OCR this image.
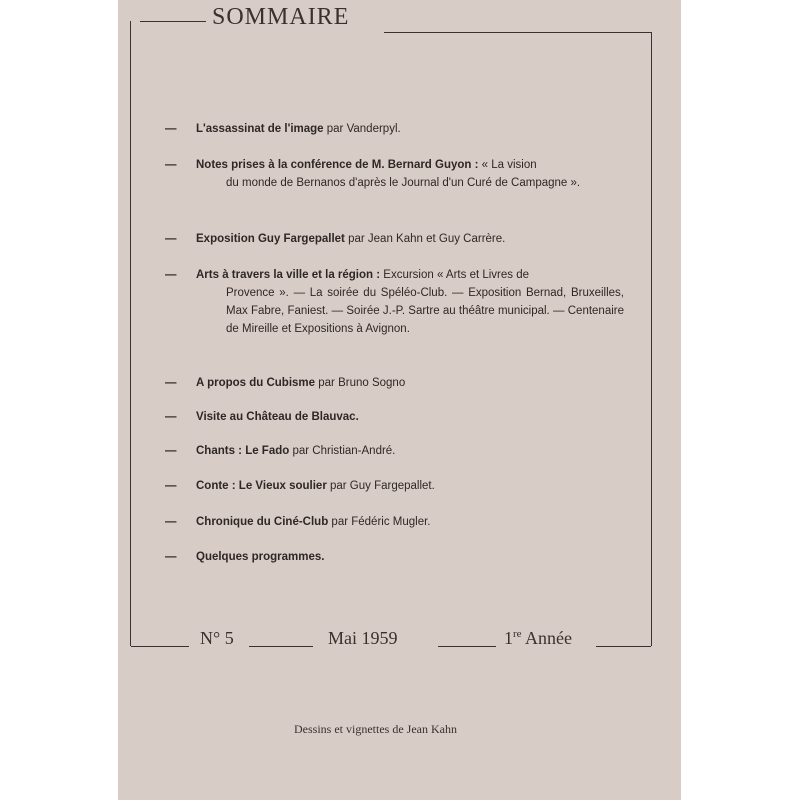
SOMMAIRE
—	L'assassinat de l'image par Vanderpyl.
—	Notes prises à la conférence de M. Bernard Guyon : « La vision
du monde de Bernanos d'après le Journal d'un Curé de Campagne ».
—	Exposition Guy Fargepallet par Jean Kahn et Guy Carrère.
—	Arts à travers la ville et la région : Excursion « Arts et Livres de
Provence ». — La soirée du Spéléo-Club. — Exposition Bernad, Bruxeilles, Max Fabre, Faniest. — Soirée J.-P. Sartre au théâtre municipal. — Centenaire de Mireille et Expositions à Avignon.
—	A propos du Cubisme par Bruno Sogno
—	Visite au Château de Blauvac.
—	Chants : Le Fado par Christian-André.
—	Conte : Le Vieux soulier par Guy Fargepallet.
—	Chronique du Ciné-Club par Fédéric Mugler.
—	Quelques programmes.
N° 5	Mai 1959	1re Année
Dessins et vignettes de Jean Kahn
